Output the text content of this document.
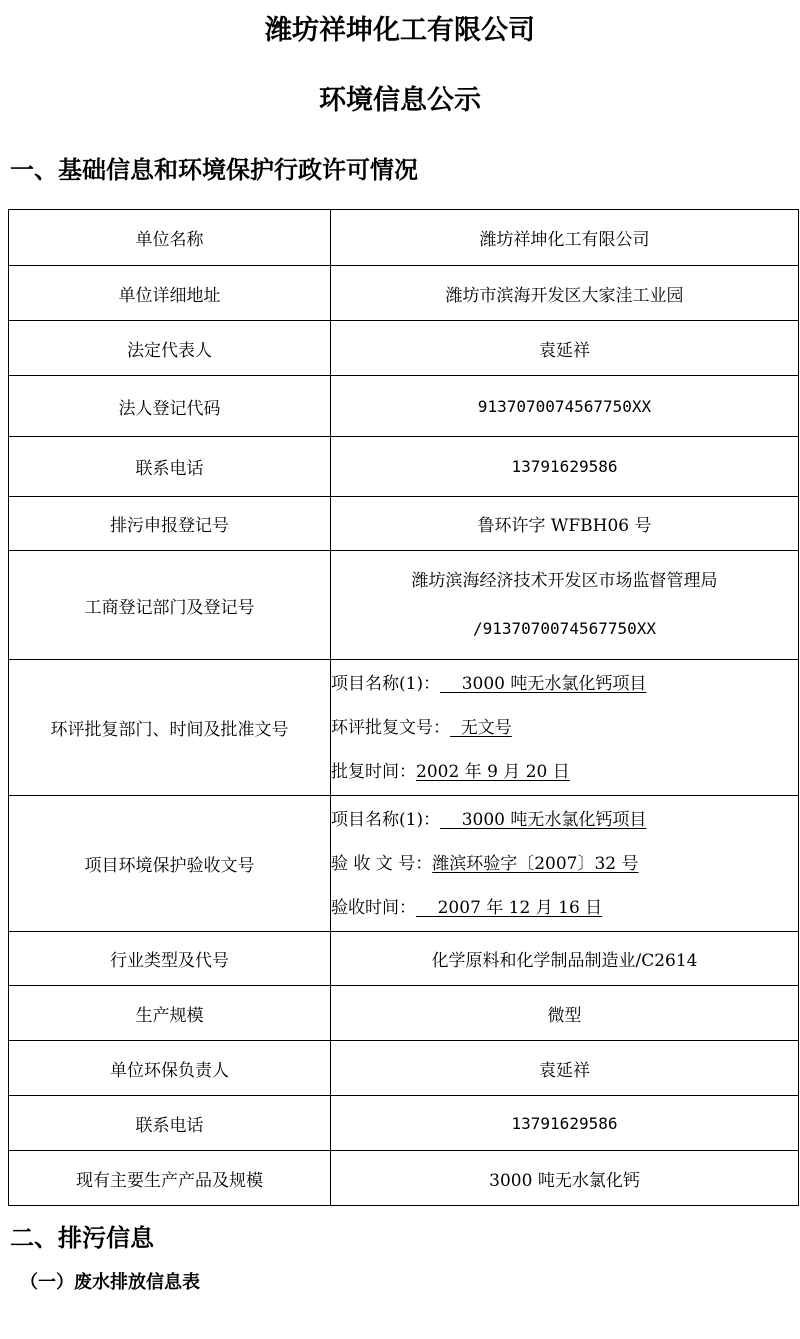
潍坊祥坤化工有限公司
环境信息公示
一、基础信息和环境保护行政许可情况
单位名称	潍坊祥坤化工有限公司
单位详细地址	潍坊市滨海开发区大家洼工业园
法定代表人	袁延祥
法人登记代码	9137070074567750XX
联系电话	13791629586
排污申报登记号	鲁环许字 WFBH06 号
工商登记部门及登记号	潍坊滨海经济技术开发区市场监督管理局
/9137070074567750XX

环评批复部门、时间及批准文号	项目名称(1)：    3000 吨无水氯化钙项目
环评批复文号：  无文号
批复时间：2002 年 9 月 20 日

项目环境保护验收文号	项目名称(1)：    3000 吨无水氯化钙项目
验 收 文 号：潍滨环验字〔2007〕32 号
验收时间：    2007 年 12 月 16 日

行业类型及代号	化学原料和化学制品制造业/C2614
生产规模	微型
单位环保负责人	袁延祥
联系电话	13791629586
现有主要生产产品及规模	3000 吨无水氯化钙
二、排污信息
（一）废水排放信息表
